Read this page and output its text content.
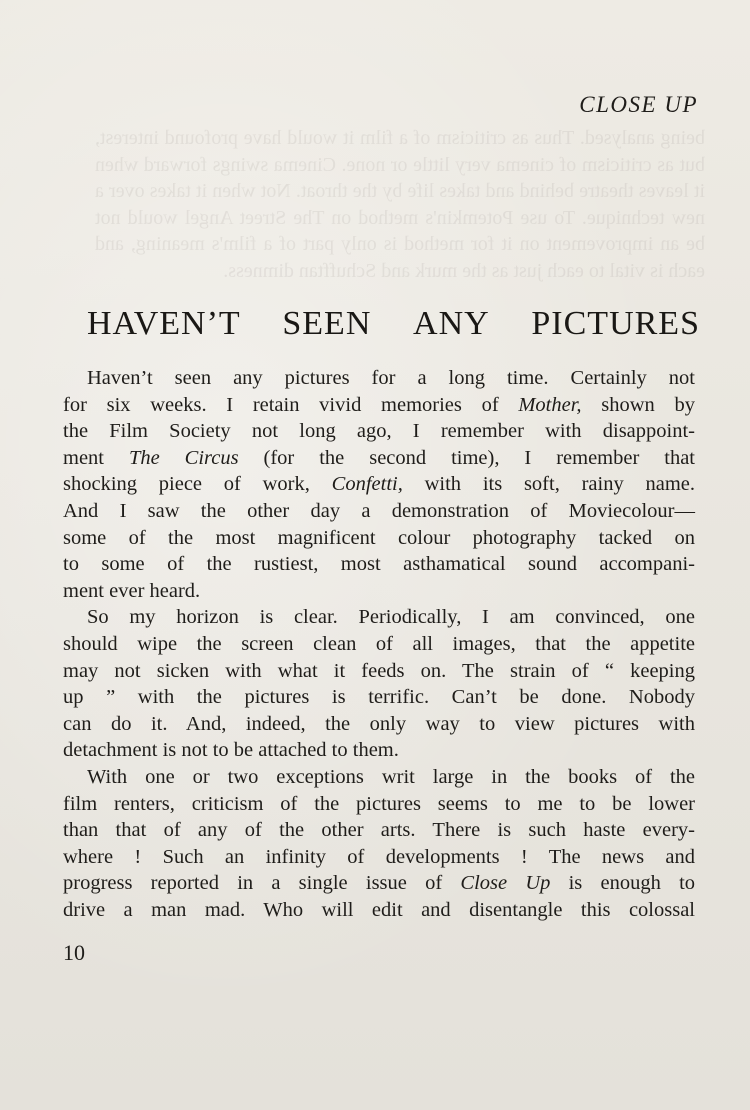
being analysed. Thus as criticism of a film it would have profound interest, but as criticism of cinema very little or none. Cinema swings forward when it leaves theatre behind and takes life by the throat. Not when it takes over a new technique. To use Potemkin's method on The Street Angel would not be an improvement on it for method is only part of a film's meaning, and each is vital to each just as the murk and Schufftan dimness.
CLOSE UP
HAVEN’T SEEN ANY PICTURES
Haven’t seen any pictures for a long time. Certainly not
for six weeks. I retain vivid memories of Mother, shown by
the Film Society not long ago, I remember with disappoint-
ment The Circus (for the second time), I remember that
shocking piece of work, Confetti, with its soft, rainy name.
And I saw the other day a demonstration of Moviecolour—
some of the most magnificent colour photography tacked on
to some of the rustiest, most asthamatical sound accompani-
ment ever heard.
So my horizon is clear. Periodically, I am convinced, one
should wipe the screen clean of all images, that the appetite
may not sicken with what it feeds on. The strain of “ keeping
up ” with the pictures is terrific. Can’t be done. Nobody
can do it. And, indeed, the only way to view pictures with
detachment is not to be attached to them.
With one or two exceptions writ large in the books of the
film renters, criticism of the pictures seems to me to be lower
than that of any of the other arts. There is such haste every-
where ! Such an infinity of developments ! The news and
progress reported in a single issue of Close Up is enough to
drive a man mad. Who will edit and disentangle this colossal
10
